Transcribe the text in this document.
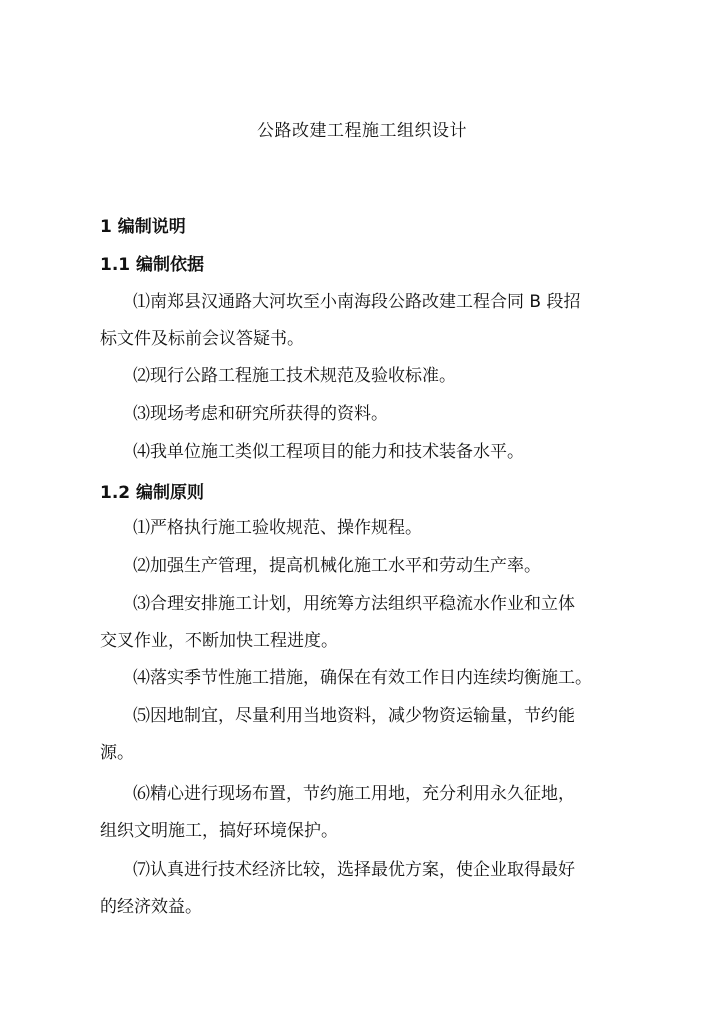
公路改建工程施工组织设计
1 编制说明
1.1 编制依据
⑴南郑县汉通路大河坎至小南海段公路改建工程合同 B 段招
标文件及标前会议答疑书。
⑵现行公路工程施工技术规范及验收标准。
⑶现场考虑和研究所获得的资料。
⑷我单位施工类似工程项目的能力和技术装备水平。
1.2 编制原则
⑴严格执行施工验收规范、操作规程。
⑵加强生产管理，提高机械化施工水平和劳动生产率。
⑶合理安排施工计划，用统筹方法组织平稳流水作业和立体
交叉作业，不断加快工程进度。
⑷落实季节性施工措施，确保在有效工作日内连续均衡施工。
⑸因地制宜，尽量利用当地资料，减少物资运输量，节约能
源。
⑹精心进行现场布置，节约施工用地，充分利用永久征地，
组织文明施工，搞好环境保护。
⑺认真进行技术经济比较，选择最优方案，使企业取得最好
的经济效益。
